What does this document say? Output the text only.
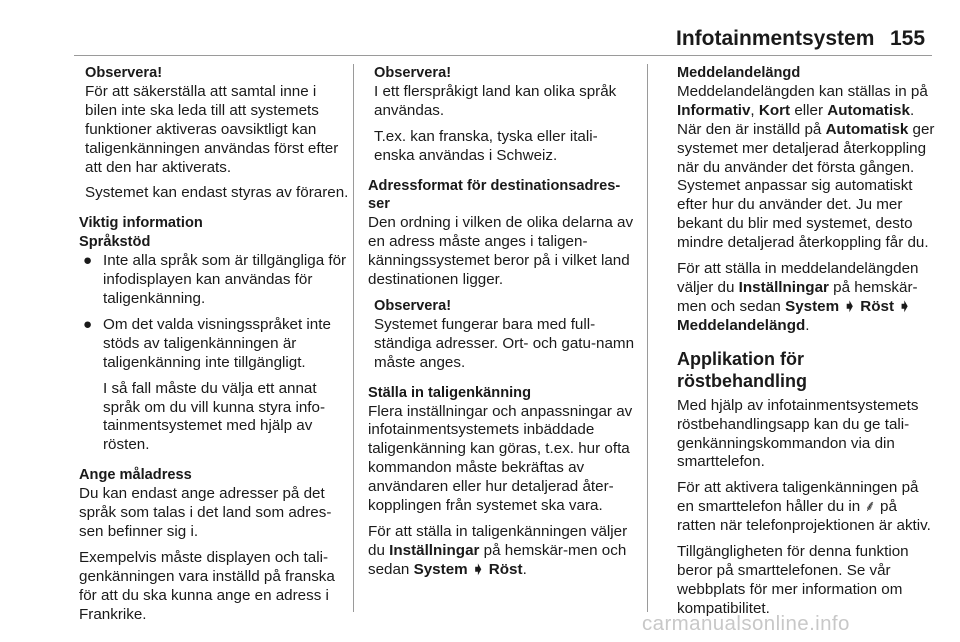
Infotainmentsystem 155

Observera!

För att säkerställa att samtal inne i bilen inte ska leda till att systemets funktioner aktiveras oavsiktligt kan taligenkänningen användas först efter att den har aktiverats.

Systemet kan endast styras av föraren.

Viktig information

Språkstöd

● Inte alla språk som är tillgängliga för infodisplayen kan användas för taligenkänning.

● Om det valda visningsspråket inte stöds av taligenkänningen är taligenkänning inte tillgängligt.

I så fall måste du välja ett annat språk om du vill kunna styra info-tainmentsystemet med hjälp av rösten.

Ange måladress

Du kan endast ange adresser på det språk som talas i det land som adres-sen befinner sig i.

Exempelvis måste displayen och tali-genkänningen vara inställd på franska för att du ska kunna ange en adress i Frankrike.

Observera!

I ett flerspråkigt land kan olika språk användas.

T.ex. kan franska, tyska eller itali-enska användas i Schweiz.

Adressformat för destinationsadres-ser

Den ordning i vilken de olika delarna av en adress måste anges i taligen-känningssystemet beror på i vilket land destinationen ligger.

Observera!

Systemet fungerar bara med full-ständiga adresser. Ort- och gatu-namn måste anges.

Ställa in taligenkänning

Flera inställningar och anpassningar av infotainmentsystemets inbäddade taligenkänning kan göras, t.ex. hur ofta kommandon måste bekräftas av användaren eller hur detaljerad åter-kopplingen från systemet ska vara.

För att ställa in taligenkänningen väljer du Inställningar på hemskär-men och sedan System ➧ Röst.

Meddelandelängd

Meddelandelängden kan ställas in på Informativ, Kort eller Automatisk. När den är inställd på Automatisk ger systemet mer detaljerad återkoppling när du använder det första gången. Systemet anpassar sig automatiskt efter hur du använder det. Ju mer bekant du blir med systemet, desto mindre detaljerad återkoppling får du.

För att ställa in meddelandelängden väljer du Inställningar på hemskär-men och sedan System ➧ Röst ➧ Meddelandelängd.

Applikation för röstbehandling

Med hjälp av infotainmentsystemets röstbehandlingsapp kan du ge tali-genkänningskommandon via din smarttelefon.

För att aktivera taligenkänningen på en smarttelefon håller du in ⸙ på ratten när telefonprojektionen är aktiv.

Tillgängligheten för denna funktion beror på smarttelefonen. Se vår webbplats för mer information om kompatibilitet.

carmanualsonline.info
